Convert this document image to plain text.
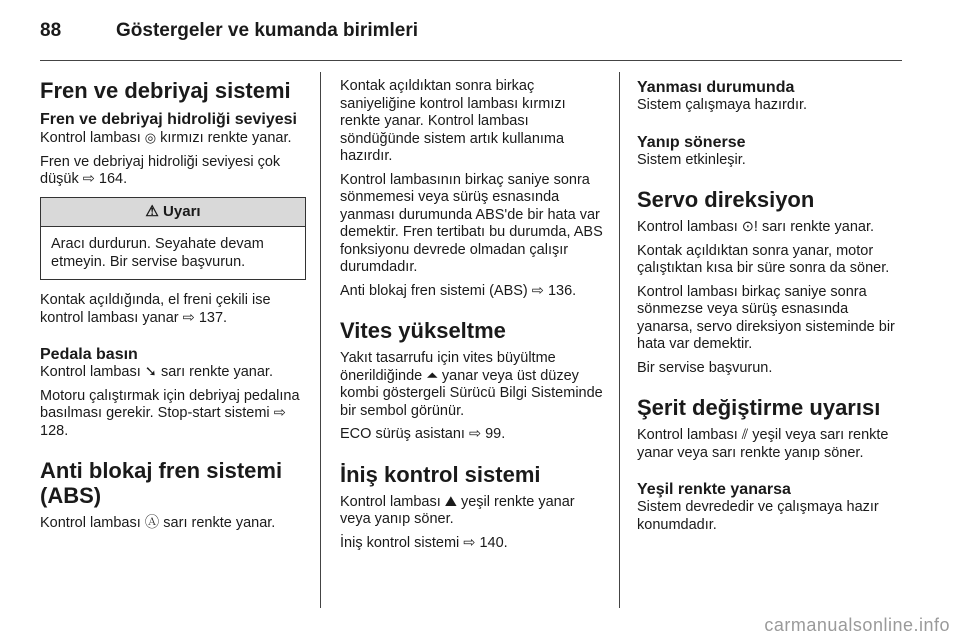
88	Göstergeler ve kumanda birimleri
Fren ve debriyaj sistemi
Fren ve debriyaj hidroliği seviyesi

Kontrol lambası ◎ kırmızı renkte yanar.

Fren ve debriyaj hidroliği seviyesi çok düşük ⇨ 164.

⚠ Uyarı
Aracı durdurun. Seyahate devam etmeyin. Bir servise başvurun.

Kontak açıldığında, el freni çekili ise kontrol lambası yanar ⇨ 137.

Pedala basın

Kontrol lambası ➘ sarı renkte yanar.

Motoru çalıştırmak için debriyaj pedalına basılması gerekir. Stop-start sistemi ⇨ 128.

Anti blokaj fren sistemi (ABS)

Kontrol lambası Ⓐ sarı renkte yanar.

Kontak açıldıktan sonra birkaç saniyeliğine kontrol lambası kırmızı renkte yanar. Kontrol lambası söndüğünde sistem artık kullanıma hazırdır.

Kontrol lambasının birkaç saniye sonra sönmemesi veya sürüş esnasında yanması durumunda ABS'de bir hata var demektir. Fren tertibatı bu durumda, ABS fonksiyonu devrede olmadan çalışır durumdadır.

Anti blokaj fren sistemi (ABS) ⇨ 136.

Vites yükseltme

Yakıt tasarrufu için vites büyültme önerildiğinde ⏶ yanar veya üst düzey kombi göstergeli Sürücü Bilgi Sisteminde bir sembol görünür.

ECO sürüş asistanı ⇨ 99.

İniş kontrol sistemi

Kontrol lambası ⛰ yeşil renkte yanar veya yanıp söner.

İniş kontrol sistemi ⇨ 140.

Yanması durumunda

Sistem çalışmaya hazırdır.

Yanıp sönerse

Sistem etkinleşir.

Servo direksiyon

Kontrol lambası ⊙! sarı renkte yanar.

Kontak açıldıktan sonra yanar, motor çalıştıktan kısa bir süre sonra da söner.

Kontrol lambası birkaç saniye sonra sönmezse veya sürüş esnasında yanarsa, servo direksiyon sisteminde bir hata var demektir.

Bir servise başvurun.

Şerit değiştirme uyarısı

Kontrol lambası ⫽ yeşil veya sarı renkte yanar veya sarı renkte yanıp söner.

Yeşil renkte yanarsa

Sistem devrededir ve çalışmaya hazır konumdadır.

carmanualsonline.info
